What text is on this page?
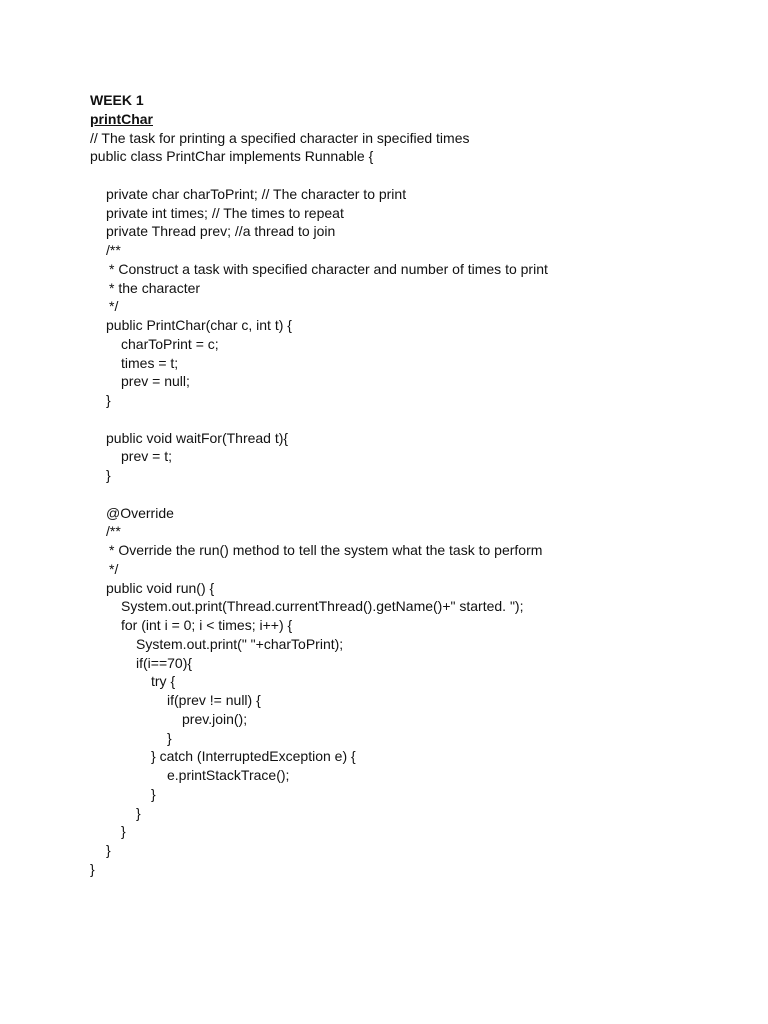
WEEK 1
printChar
// The task for printing a specified character in specified times
public class PrintChar implements Runnable {
private char charToPrint; // The character to print
private int times; // The times to repeat
private Thread prev; //a thread to join
/**
* Construct a task with specified character and number of times to print
* the character
*/
public PrintChar(char c, int t) {
charToPrint = c;
times = t;
prev = null;
}
public void waitFor(Thread t){
prev = t;
}
@Override
/**
* Override the run() method to tell the system what the task to perform
*/
public void run() {
System.out.print(Thread.currentThread().getName()+" started. ");
for (int i = 0; i < times; i++) {
System.out.print(" "+charToPrint);
if(i==70){
try {
if(prev != null) {
prev.join();
}
} catch (InterruptedException e) {
e.printStackTrace();
}
}
}
}
}
